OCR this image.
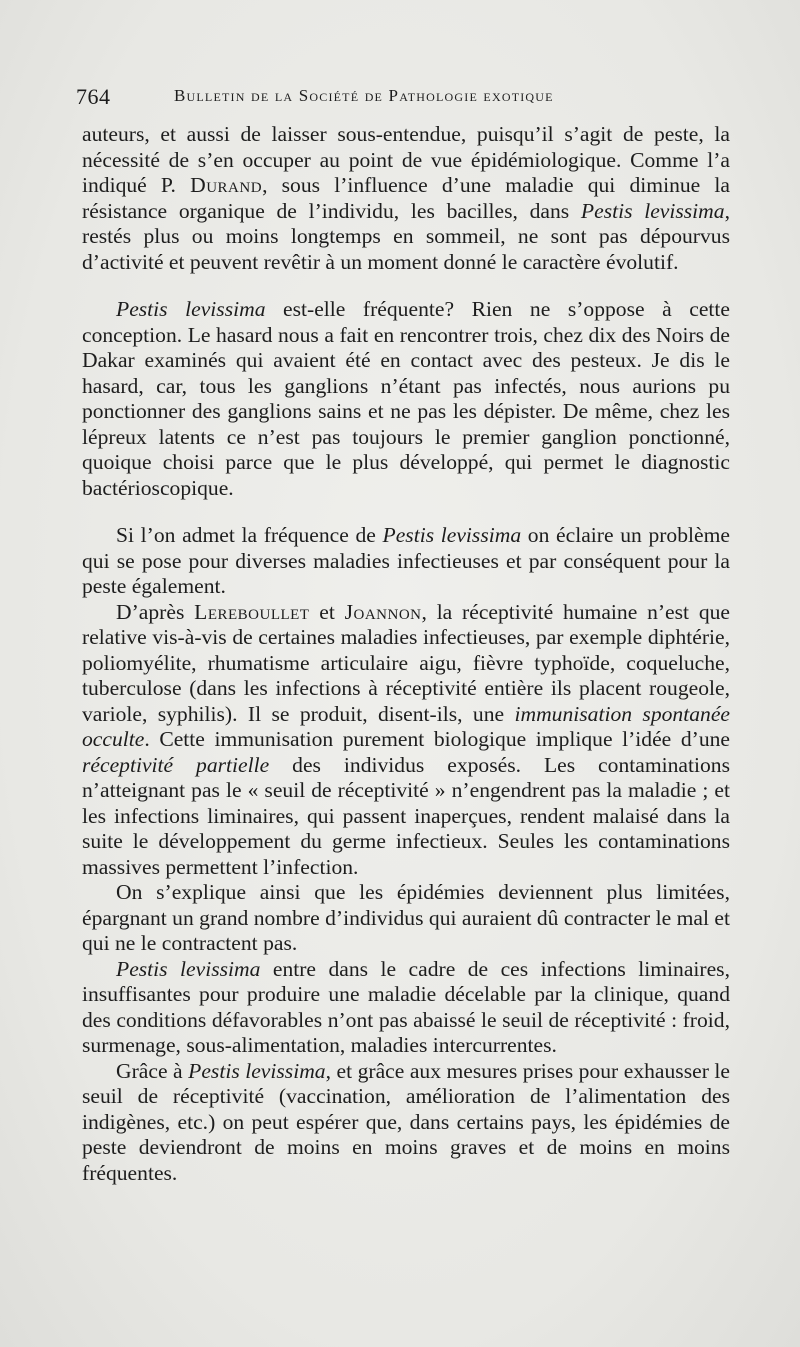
764	Bulletin de la Société de Pathologie exotique

auteurs, et aussi de laisser sous-entendue, puisqu’il s’agit de peste, la nécessité de s’en occuper au point de vue épidémiologique. Comme l’a indiqué P. Durand, sous l’influence d’une maladie qui diminue la résistance organique de l’individu, les bacilles, dans Pestis levissima, restés plus ou moins longtemps en sommeil, ne sont pas dépourvus d’activité et peuvent revêtir à un moment donné le caractère évolutif.

Pestis levissima est-elle fréquente? Rien ne s’oppose à cette conception. Le hasard nous a fait en rencontrer trois, chez dix des Noirs de Dakar examinés qui avaient été en contact avec des pesteux. Je dis le hasard, car, tous les ganglions n’étant pas infectés, nous aurions pu ponctionner des ganglions sains et ne pas les dépister. De même, chez les lépreux latents ce n’est pas toujours le premier ganglion ponctionné, quoique choisi parce que le plus développé, qui permet le diagnostic bactérioscopique.

Si l’on admet la fréquence de Pestis levissima on éclaire un problème qui se pose pour diverses maladies infectieuses et par conséquent pour la peste également.

D’après Lereboullet et Joannon, la réceptivité humaine n’est que relative vis-à-vis de certaines maladies infectieuses, par exemple diphtérie, poliomyélite, rhumatisme articulaire aigu, fièvre typhoïde, coqueluche, tuberculose (dans les infections à réceptivité entière ils placent rougeole, variole, syphilis). Il se produit, disent-ils, une immunisation spontanée occulte. Cette immunisation purement biologique implique l’idée d’une réceptivité partielle des individus exposés. Les contaminations n’atteignant pas le « seuil de réceptivité » n’engendrent pas la maladie ; et les infections liminaires, qui passent inaperçues, rendent malaisé dans la suite le développement du germe infectieux. Seules les contaminations massives permettent l’infection.

On s’explique ainsi que les épidémies deviennent plus limitées, épargnant un grand nombre d’individus qui auraient dû contracter le mal et qui ne le contractent pas.

Pestis levissima entre dans le cadre de ces infections liminaires, insuffisantes pour produire une maladie décelable par la clinique, quand des conditions défavorables n’ont pas abaissé le seuil de réceptivité : froid, surmenage, sous-alimentation, maladies intercurrentes.

Grâce à Pestis levissima, et grâce aux mesures prises pour exhausser le seuil de réceptivité (vaccination, amélioration de l’alimentation des indigènes, etc.) on peut espérer que, dans certains pays, les épidémies de peste deviendront de moins en moins graves et de moins en moins fréquentes.
